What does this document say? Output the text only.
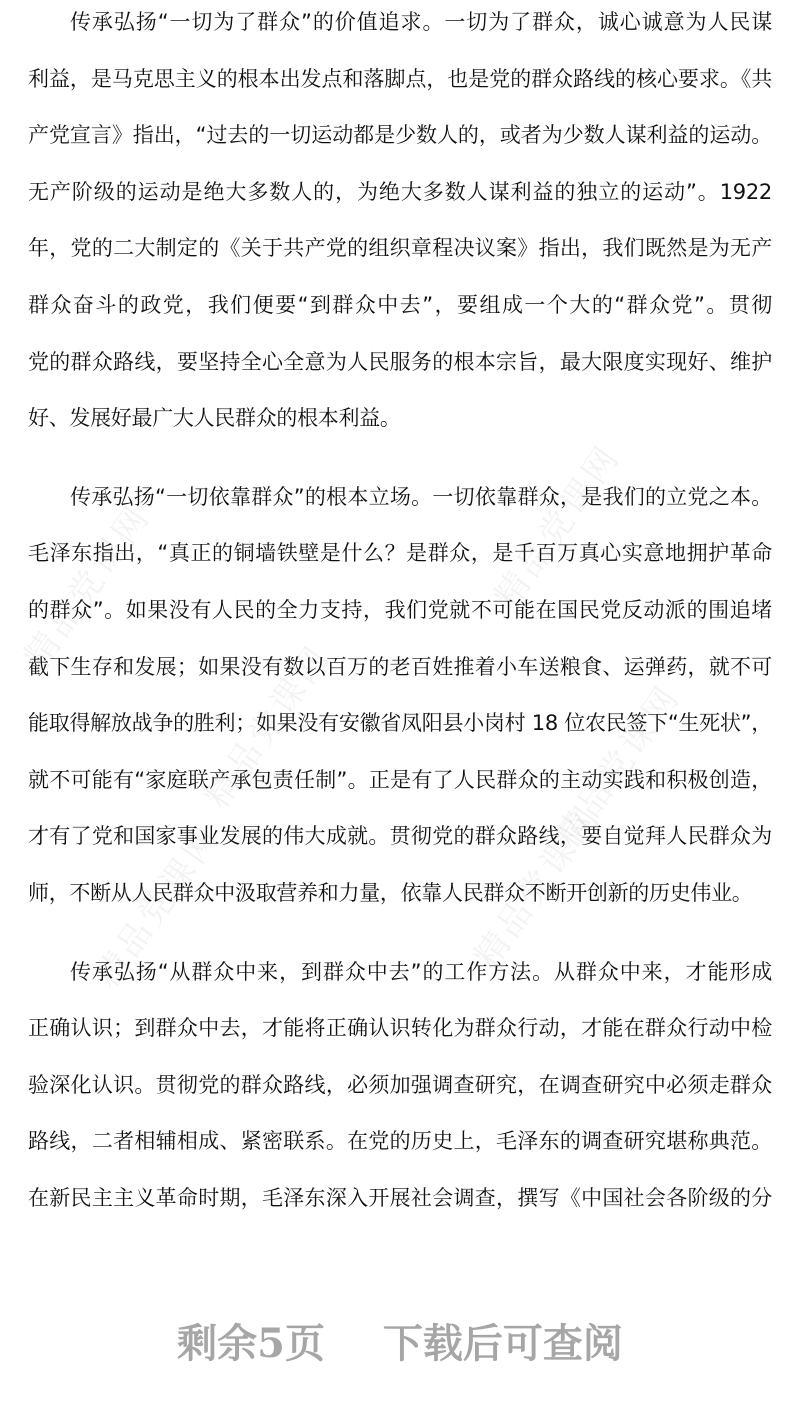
精品党课网	精品党课网
精品党课网	精品党课网
精品党课网	精品党课网
传承弘扬“一切为了群众”的价值追求。一切为了群众，诚心诚意为人民谋
利益，是马克思主义的根本出发点和落脚点，也是党的群众路线的核心要求。《共
产党宣言》指出，“过去的一切运动都是少数人的，或者为少数人谋利益的运动。
无产阶级的运动是绝大多数人的，为绝大多数人谋利益的独立的运动”。1922
年，党的二大制定的《关于共产党的组织章程决议案》指出，我们既然是为无产
群众奋斗的政党，我们便要“到群众中去”，要组成一个大的“群众党”。贯彻
党的群众路线，要坚持全心全意为人民服务的根本宗旨，最大限度实现好、维护
好、发展好最广大人民群众的根本利益。
传承弘扬“一切依靠群众”的根本立场。一切依靠群众，是我们的立党之本。
毛泽东指出，“真正的铜墙铁壁是什么？是群众，是千百万真心实意地拥护革命
的群众”。如果没有人民的全力支持，我们党就不可能在国民党反动派的围追堵
截下生存和发展；如果没有数以百万的老百姓推着小车送粮食、运弹药，就不可
能取得解放战争的胜利；如果没有安徽省凤阳县小岗村 18 位农民签下“生死状”，
就不可能有“家庭联产承包责任制”。正是有了人民群众的主动实践和积极创造，
才有了党和国家事业发展的伟大成就。贯彻党的群众路线，要自觉拜人民群众为
师，不断从人民群众中汲取营养和力量，依靠人民群众不断开创新的历史伟业。
传承弘扬“从群众中来，到群众中去”的工作方法。从群众中来，才能形成
正确认识；到群众中去，才能将正确认识转化为群众行动，才能在群众行动中检
验深化认识。贯彻党的群众路线，必须加强调查研究，在调查研究中必须走群众
路线，二者相辅相成、紧密联系。在党的历史上，毛泽东的调查研究堪称典范。
在新民主主义革命时期，毛泽东深入开展社会调查，撰写《中国社会各阶级的分
剩余5页 下载后可查阅
